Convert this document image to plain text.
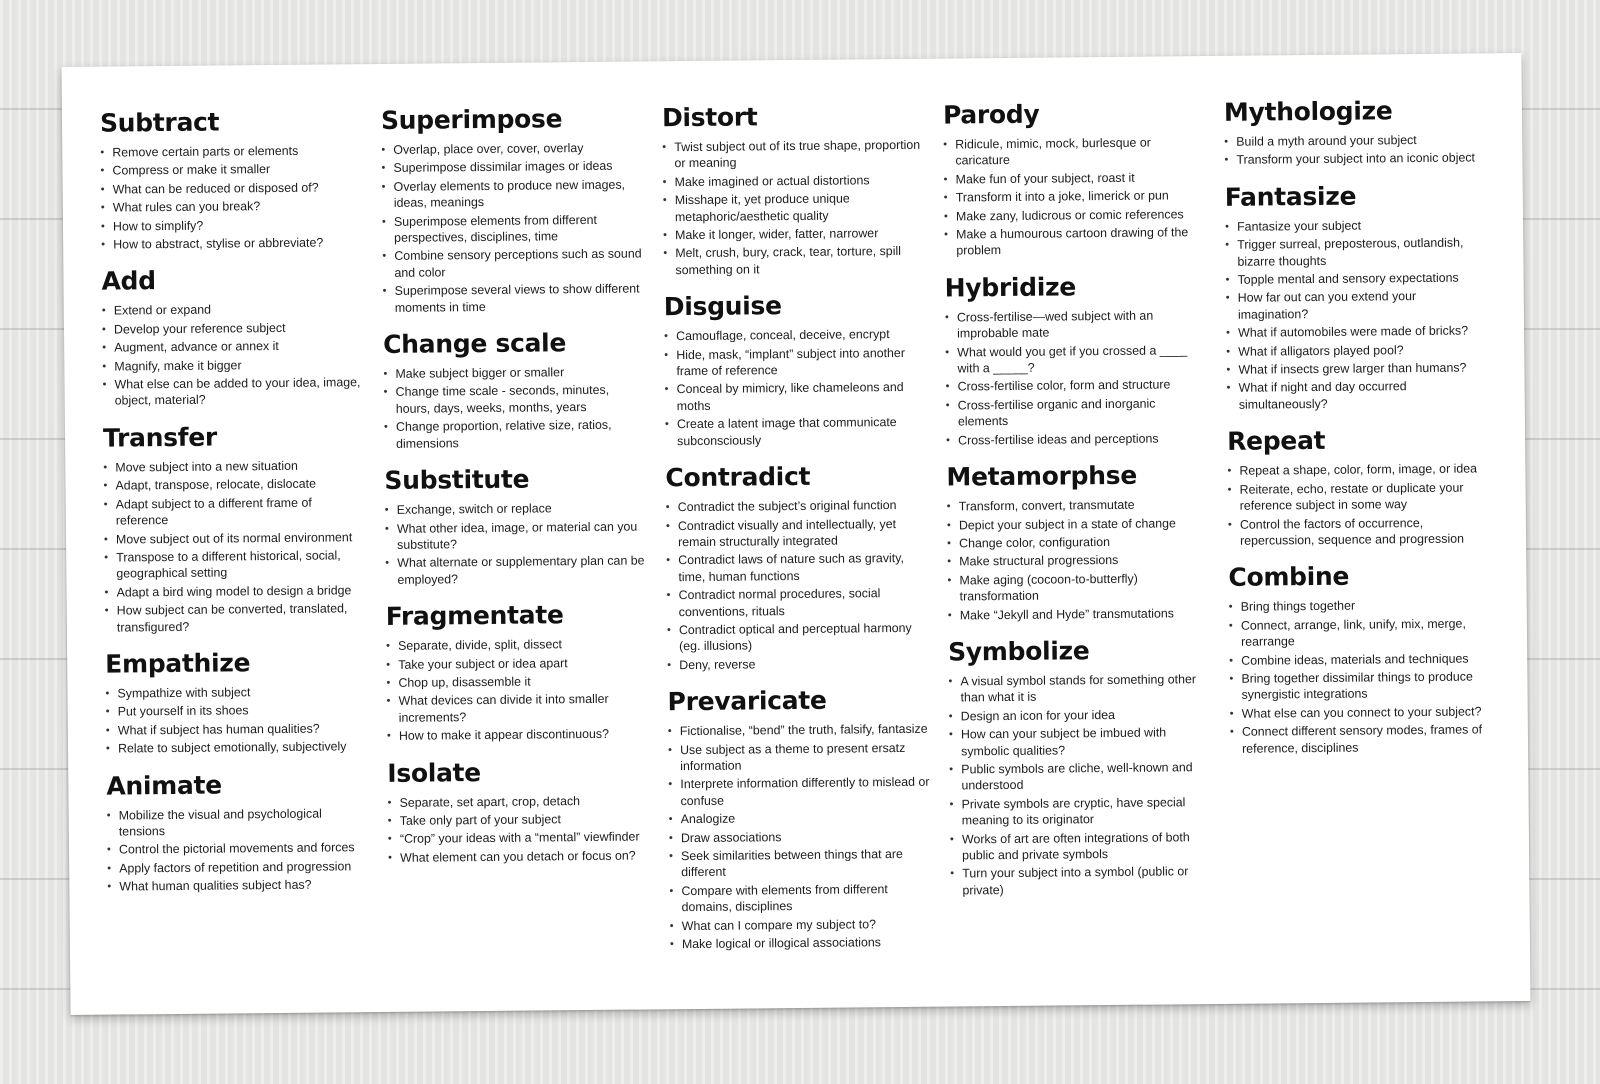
Subtract
• Remove certain parts or elements
• Compress or make it smaller
• What can be reduced or disposed of?
• What rules can you break?
• How to simplify?
• How to abstract, stylise or abbreviate?
Add
• Extend or expand
• Develop your reference subject
• Augment, advance or annex it
• Magnify, make it bigger
• What else can be added to your idea, image, object, material?
Transfer
• Move subject into a new situation
• Adapt, transpose, relocate, dislocate
• Adapt subject to a different frame of reference
• Move subject out of its normal environment
• Transpose to a different historical, social, geographical setting
• Adapt a bird wing model to design a bridge
• How subject can be converted, translated, transfigured?
Empathize
• Sympathize with subject
• Put yourself in its shoes
• What if subject has human qualities?
• Relate to subject emotionally, subjectively
Animate
• Mobilize the visual and psychological tensions
• Control the pictorial movements and forces
• Apply factors of repetition and progression
• What human qualities subject has?
Superimpose
• Overlap, place over, cover, overlay
• Superimpose dissimilar images or ideas
• Overlay elements to produce new images, ideas, meanings
• Superimpose elements from different perspectives, disciplines, time
• Combine sensory perceptions such as sound and color
• Superimpose several views to show different moments in time
Change scale
• Make subject bigger or smaller
• Change time scale - seconds, minutes, hours, days, weeks, months, years
• Change proportion, relative size, ratios, dimensions
Substitute
• Exchange, switch or replace
• What other idea, image, or material can you substitute?
• What alternate or supplementary plan can be employed?
Fragmentate
• Separate, divide, split, dissect
• Take your subject or idea apart
• Chop up, disassemble it
• What devices can divide it into smaller increments?
• How to make it appear discontinuous?
Isolate
• Separate, set apart, crop, detach
• Take only part of your subject
• “Crop” your ideas with a “mental” viewfinder
• What element can you detach or focus on?
Distort
• Twist subject out of its true shape, proportion or meaning
• Make imagined or actual distortions
• Misshape it, yet produce unique metaphoric/aesthetic quality
• Make it longer, wider, fatter, narrower
• Melt, crush, bury, crack, tear, torture, spill something on it
Disguise
• Camouflage, conceal, deceive, encrypt
• Hide, mask, “implant” subject into another frame of reference
• Conceal by mimicry, like chameleons and moths
• Create a latent image that communicate subconsciously
Contradict
• Contradict the subject’s original function
• Contradict visually and intellectually, yet remain structurally integrated
• Contradict laws of nature such as gravity, time, human functions
• Contradict normal procedures, social conventions, rituals
• Contradict optical and perceptual harmony (eg. illusions)
• Deny, reverse
Prevaricate
• Fictionalise, “bend” the truth, falsify, fantasize
• Use subject as a theme to present ersatz information
• Interprete information differently to mislead or confuse
• Analogize
• Draw associations
• Seek similarities between things that are different
• Compare with elements from different domains, disciplines
• What can I compare my subject to?
• Make logical or illogical associations
Parody
• Ridicule, mimic, mock, burlesque or caricature
• Make fun of your subject, roast it
• Transform it into a joke, limerick or pun
• Make zany, ludicrous or comic references
• Make a humourous cartoon drawing of the problem
Hybridize
• Cross-fertilise—wed subject with an improbable mate
• What would you get if you crossed a ____ with a _____?
• Cross-fertilise color, form and structure
• Cross-fertilise organic and inorganic elements
• Cross-fertilise ideas and perceptions
Metamorphse
• Transform, convert, transmutate
• Depict your subject in a state of change
• Change color, configuration
• Make structural progressions
• Make aging (cocoon-to-butterfly) transformation
• Make “Jekyll and Hyde” transmutations
Symbolize
• A visual symbol stands for something other than what it is
• Design an icon for your idea
• How can your subject be imbued with symbolic qualities?
• Public symbols are cliche, well-known and understood
• Private symbols are cryptic, have special meaning to its originator
• Works of art are often integrations of both public and private symbols
• Turn your subject into a symbol (public or private)
Mythologize
• Build a myth around your subject
• Transform your subject into an iconic object
Fantasize
• Fantasize your subject
• Trigger surreal, preposterous, outlandish, bizarre thoughts
• Topple mental and sensory expectations
• How far out can you extend your imagination?
• What if automobiles were made of bricks?
• What if alligators played pool?
• What if insects grew larger than humans?
• What if night and day occurred simultaneously?
Repeat
• Repeat a shape, color, form, image, or idea
• Reiterate, echo, restate or duplicate your reference subject in some way
• Control the factors of occurrence, repercussion, sequence and progression
Combine
• Bring things together
• Connect, arrange, link, unify, mix, merge, rearrange
• Combine ideas, materials and techniques
• Bring together dissimilar things to produce synergistic integrations
• What else can you connect to your subject?
• Connect different sensory modes, frames of reference, disciplines
